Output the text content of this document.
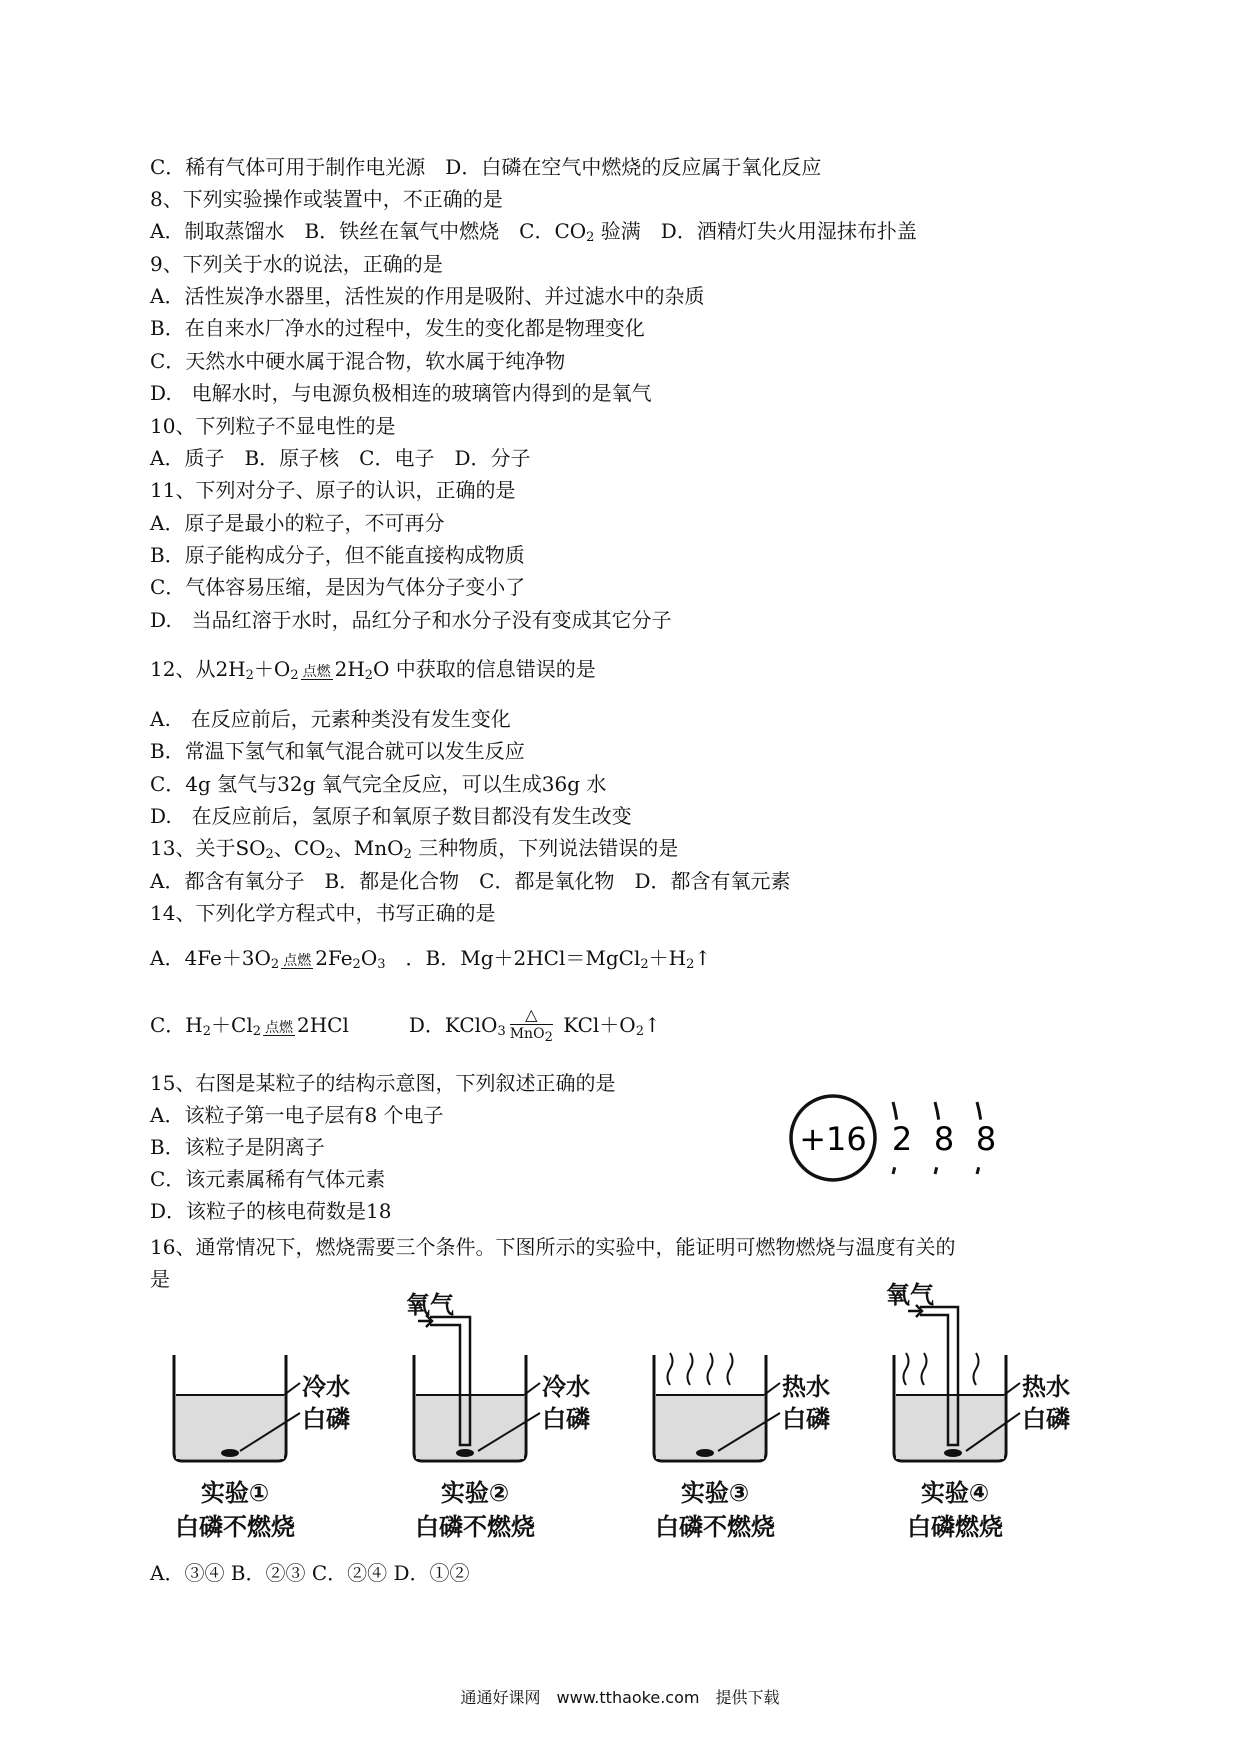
C．稀有气体可用于制作电光源　D．白磷在空气中燃烧的反应属于氧化反应
8、下列实验操作或装置中，不正确的是
A．制取蒸馏水　B．铁丝在氧气中燃烧　C．$CO_2$ 验满　D．酒精灯失火用湿抹布扑盖
9、下列关于水的说法，正确的是
A．活性炭净水器里，活性炭的作用是吸附、并过滤水中的杂质
B．在自来水厂净水的过程中，发生的变化都是物理变化
C．天然水中硬水属于混合物，软水属于纯净物
D.　电解水时，与电源负极相连的玻璃管内得到的是氧气
10、下列粒子不显电性的是
A．质子　B．原子核　C．电子　D．分子
11、下列对分子、原子的认识，正确的是
A．原子是最小的粒子，不可再分
B．原子能构成分子，但不能直接构成物质
C．气体容易压缩，是因为气体分子变小了
D.　当品红溶于水时，品红分子和水分子没有变成其它分子
12、从$2H_2+O_2$ 点燃 $2H_2O$ 中获取的信息错误的是
A.　在反应前后，元素种类没有发生变化
B．常温下氢气和氧气混合就可以发生反应
C．4g 氢气与32g 氧气完全反应，可以生成36g 水
D.　在反应前后，氢原子和氧原子数目都没有发生改变
13、关于$SO_2$、$CO_2$、MnO$_2$ 三种物质，下列说法错误的是
A．都含有氧分子　B．都是化合物　C．都是氧化物　D．都含有氧元素
14、下列化学方程式中，书写正确的是
A．$4Fe+3O_2$ 点燃 $2Fe_2O_3$　．B．$Mg+2HCl=MgCl_2+H_2↑$
C．$H_2+Cl_2$ 点燃 2HCl	D．KClO$_3$ $\frac{\triangle}{MnO_2}$ $KCl+O_2↑$
15、右图是某粒子的结构示意图，下列叙述正确的是
A．该粒子第一电子层有8 个电子
B．该粒子是阴离子
C．该元素属稀有气体元素
D．该粒子的核电荷数是18
+16 2 8 8
16、通常情况下，燃烧需要三个条件。下图所示的实验中，能证明可燃物燃烧与温度有关的
是
冷水
白磷
实验①
白磷不燃烧
氧气
冷水
白磷
实验②
白磷不燃烧
热水
白磷
实验③
白磷不燃烧
氧气
热水
白磷
实验④
白磷燃烧
A．③④ B．②③ C．②④ D．①②
通通好课网　www.tthaoke.com　提供下载
